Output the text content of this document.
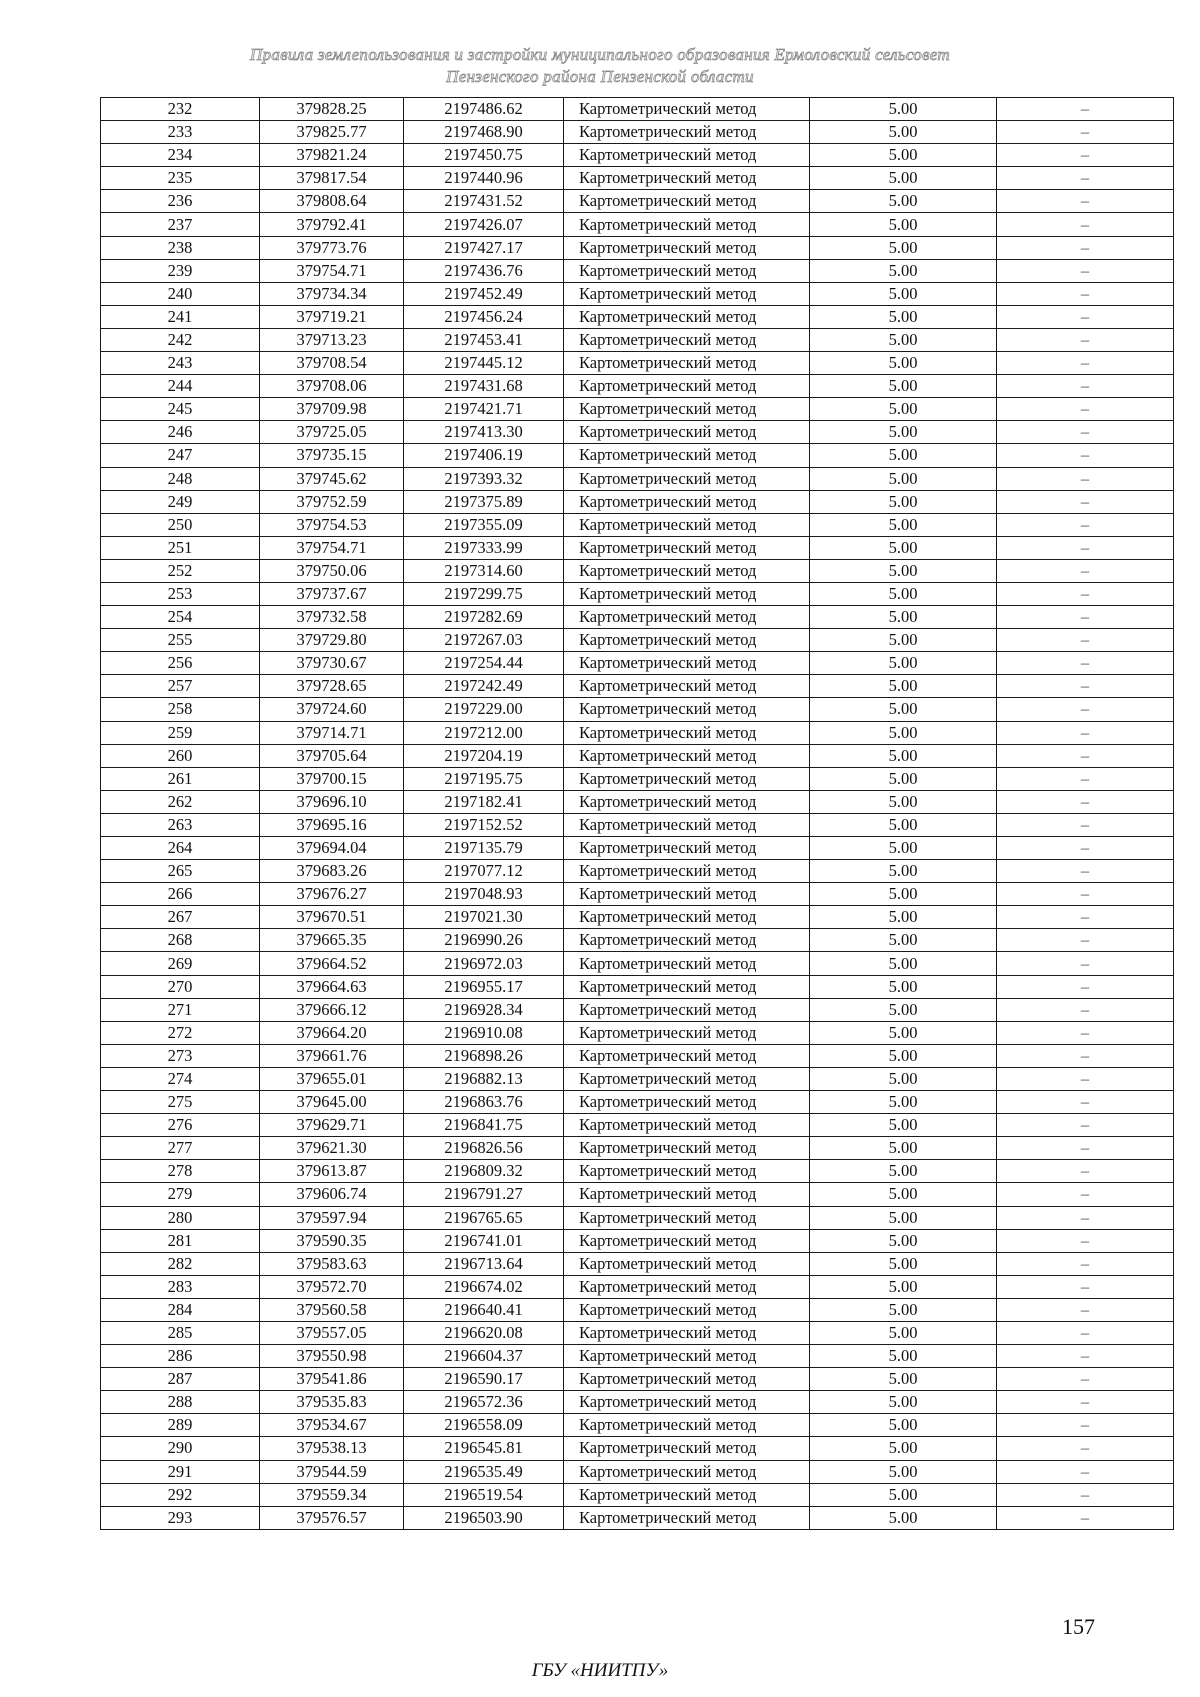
Правила землепользования и застройки муниципального образования Ермоловский сельсовет
Пензенского района Пензенской области
232	379828.25	2197486.62	Картометрический метод	5.00	–
233	379825.77	2197468.90	Картометрический метод	5.00	–
234	379821.24	2197450.75	Картометрический метод	5.00	–
235	379817.54	2197440.96	Картометрический метод	5.00	–
236	379808.64	2197431.52	Картометрический метод	5.00	–
237	379792.41	2197426.07	Картометрический метод	5.00	–
238	379773.76	2197427.17	Картометрический метод	5.00	–
239	379754.71	2197436.76	Картометрический метод	5.00	–
240	379734.34	2197452.49	Картометрический метод	5.00	–
241	379719.21	2197456.24	Картометрический метод	5.00	–
242	379713.23	2197453.41	Картометрический метод	5.00	–
243	379708.54	2197445.12	Картометрический метод	5.00	–
244	379708.06	2197431.68	Картометрический метод	5.00	–
245	379709.98	2197421.71	Картометрический метод	5.00	–
246	379725.05	2197413.30	Картометрический метод	5.00	–
247	379735.15	2197406.19	Картометрический метод	5.00	–
248	379745.62	2197393.32	Картометрический метод	5.00	–
249	379752.59	2197375.89	Картометрический метод	5.00	–
250	379754.53	2197355.09	Картометрический метод	5.00	–
251	379754.71	2197333.99	Картометрический метод	5.00	–
252	379750.06	2197314.60	Картометрический метод	5.00	–
253	379737.67	2197299.75	Картометрический метод	5.00	–
254	379732.58	2197282.69	Картометрический метод	5.00	–
255	379729.80	2197267.03	Картометрический метод	5.00	–
256	379730.67	2197254.44	Картометрический метод	5.00	–
257	379728.65	2197242.49	Картометрический метод	5.00	–
258	379724.60	2197229.00	Картометрический метод	5.00	–
259	379714.71	2197212.00	Картометрический метод	5.00	–
260	379705.64	2197204.19	Картометрический метод	5.00	–
261	379700.15	2197195.75	Картометрический метод	5.00	–
262	379696.10	2197182.41	Картометрический метод	5.00	–
263	379695.16	2197152.52	Картометрический метод	5.00	–
264	379694.04	2197135.79	Картометрический метод	5.00	–
265	379683.26	2197077.12	Картометрический метод	5.00	–
266	379676.27	2197048.93	Картометрический метод	5.00	–
267	379670.51	2197021.30	Картометрический метод	5.00	–
268	379665.35	2196990.26	Картометрический метод	5.00	–
269	379664.52	2196972.03	Картометрический метод	5.00	–
270	379664.63	2196955.17	Картометрический метод	5.00	–
271	379666.12	2196928.34	Картометрический метод	5.00	–
272	379664.20	2196910.08	Картометрический метод	5.00	–
273	379661.76	2196898.26	Картометрический метод	5.00	–
274	379655.01	2196882.13	Картометрический метод	5.00	–
275	379645.00	2196863.76	Картометрический метод	5.00	–
276	379629.71	2196841.75	Картометрический метод	5.00	–
277	379621.30	2196826.56	Картометрический метод	5.00	–
278	379613.87	2196809.32	Картометрический метод	5.00	–
279	379606.74	2196791.27	Картометрический метод	5.00	–
280	379597.94	2196765.65	Картометрический метод	5.00	–
281	379590.35	2196741.01	Картометрический метод	5.00	–
282	379583.63	2196713.64	Картометрический метод	5.00	–
283	379572.70	2196674.02	Картометрический метод	5.00	–
284	379560.58	2196640.41	Картометрический метод	5.00	–
285	379557.05	2196620.08	Картометрический метод	5.00	–
286	379550.98	2196604.37	Картометрический метод	5.00	–
287	379541.86	2196590.17	Картометрический метод	5.00	–
288	379535.83	2196572.36	Картометрический метод	5.00	–
289	379534.67	2196558.09	Картометрический метод	5.00	–
290	379538.13	2196545.81	Картометрический метод	5.00	–
291	379544.59	2196535.49	Картометрический метод	5.00	–
292	379559.34	2196519.54	Картометрический метод	5.00	–
293	379576.57	2196503.90	Картометрический метод	5.00	–
157
ГБУ «НИИТПУ»
